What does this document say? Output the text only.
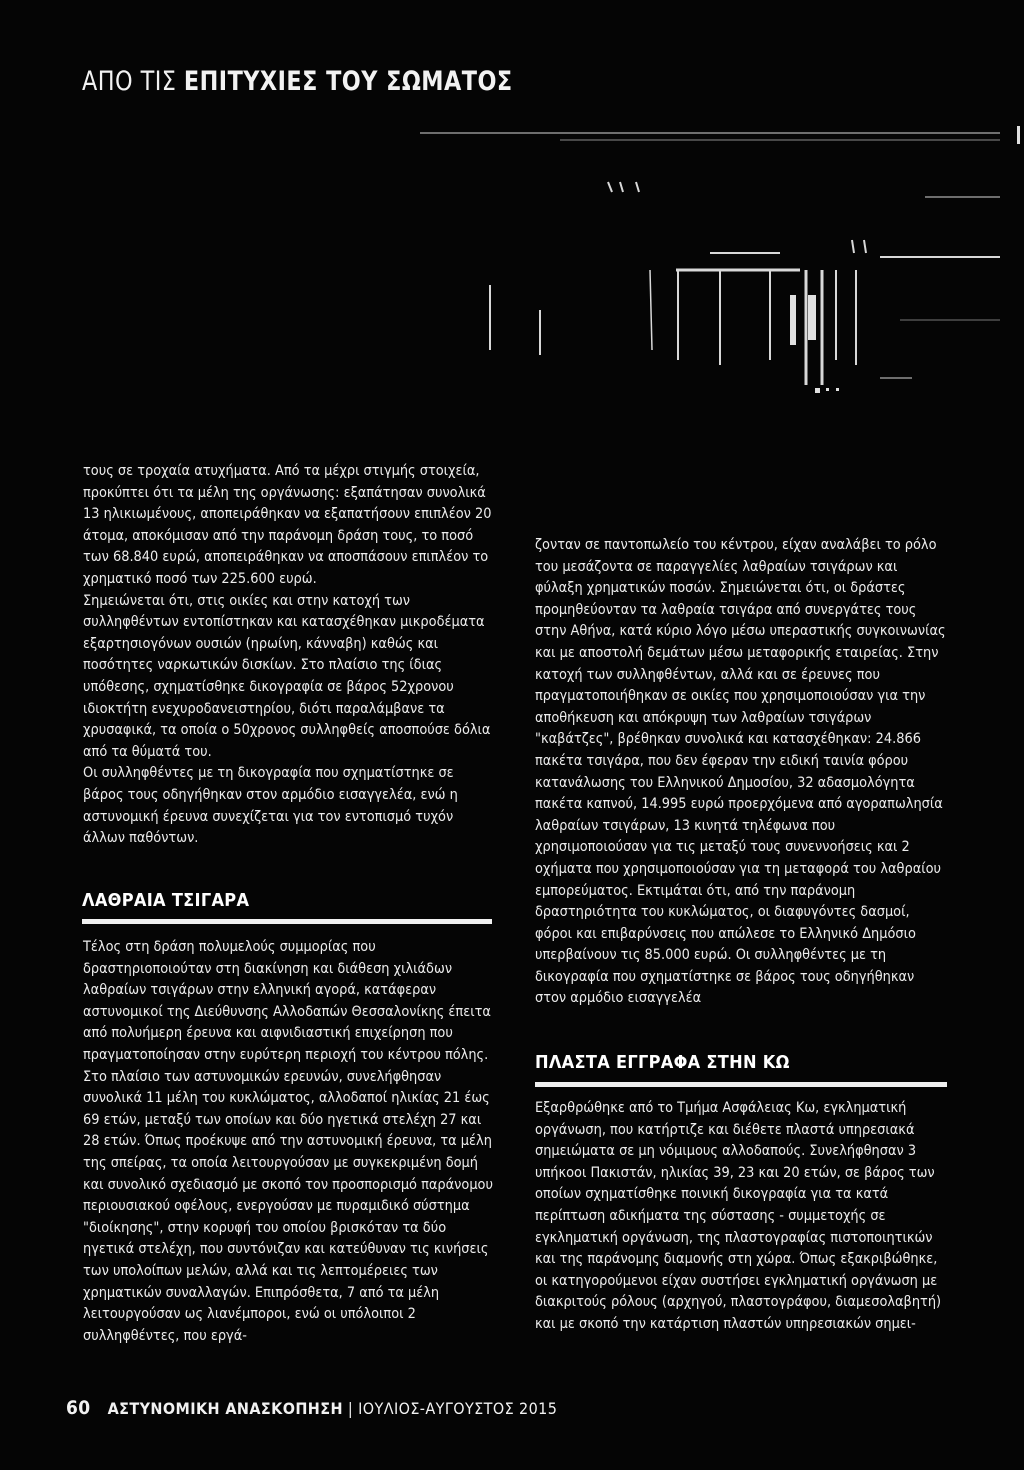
ΑΠΟ ΤΙΣ ΕΠΙΤΥΧΙΕΣ ΤΟΥ ΣΩΜΑΤΟΣ

τους σε τροχαία ατυχήματα. Από τα μέχρι στιγμής στοιχεία, προκύπτει ότι τα μέλη της οργάνωσης: εξαπάτησαν συνολικά 13 ηλικιωμένους, αποπειράθηκαν να εξαπατήσουν επιπλέον 20 άτομα, αποκόμισαν από την παράνομη δράση τους, το ποσό των 68.840 ευρώ, αποπειράθηκαν να αποσπάσουν επιπλέον το χρηματικό ποσό των 225.600 ευρώ.

Σημειώνεται ότι, στις οικίες και στην κατοχή των συλληφθέντων εντοπίστηκαν και κατασχέθηκαν μικροδέματα εξαρτησιογόνων ουσιών (ηρωίνη, κάνναβη) καθώς και ποσότητες ναρκωτικών δισκίων. Στο πλαίσιο της ίδιας υπόθεσης, σχηματίσθηκε δικογραφία σε βάρος 52χρονου ιδιοκτήτη ενεχυροδανειστηρίου, διότι παραλάμβανε τα χρυσαφικά, τα οποία ο 50χρονος συλληφθείς αποσπούσε δόλια από τα θύματά του.

Οι συλληφθέντες με τη δικογραφία που σχηματίστηκε σε βάρος τους οδηγήθηκαν στον αρμόδιο εισαγγελέα, ενώ η αστυνομική έρευνα συνεχίζεται για τον εντοπισμό τυχόν άλλων παθόντων.

ΛΑΘΡΑΙΑ ΤΣΙΓΑΡΑ

Τέλος στη δράση πολυμελούς συμμορίας που δραστηριοποιούταν στη διακίνηση και διάθεση χιλιάδων λαθραίων τσιγάρων στην ελληνική αγορά, κατάφεραν αστυνομικοί της Διεύθυνσης Αλλοδαπών Θεσσαλονίκης έπειτα από πολυήμερη έρευνα και αιφνιδιαστική επιχείρηση που πραγματοποίησαν στην ευρύτερη περιοχή του κέντρου πόλης. Στο πλαίσιο των αστυνομικών ερευνών, συνελήφθησαν συνολικά 11 μέλη του κυκλώματος, αλλοδαποί ηλικίας 21 έως 69 ετών, μεταξύ των οποίων και δύο ηγετικά στελέχη 27 και 28 ετών. Όπως προέκυψε από την αστυνομική έρευνα, τα μέλη της σπείρας, τα οποία λειτουργούσαν με συγκεκριμένη δομή και συνολικό σχεδιασμό με σκοπό τον προσπορισμό παράνομου περιουσιακού οφέλους, ενεργούσαν με πυραμιδικό σύστημα "διοίκησης", στην κορυφή του οποίου βρισκόταν τα δύο ηγετικά στελέχη, που συντόνιζαν και κατεύθυναν τις κινήσεις των υπολοίπων μελών, αλλά και τις λεπτομέρειες των χρηματικών συναλλαγών. Επιπρόσθετα, 7 από τα μέλη λειτουργούσαν ως λιανέμποροι, ενώ οι υπόλοιποι 2 συλληφθέντες, που εργά-

ζονταν σε παντοπωλείο του κέντρου, είχαν αναλάβει το ρόλο του μεσάζοντα σε παραγγελίες λαθραίων τσιγάρων και φύλαξη χρηματικών ποσών. Σημειώνεται ότι, οι δράστες προμηθεύονταν τα λαθραία τσιγάρα από συνεργάτες τους στην Αθήνα, κατά κύριο λόγο μέσω υπεραστικής συγκοινωνίας και με αποστολή δεμάτων μέσω μεταφορικής εταιρείας. Στην κατοχή των συλληφθέντων, αλλά και σε έρευνες που πραγματοποιήθηκαν σε οικίες που χρησιμοποιούσαν για την αποθήκευση και απόκρυψη των λαθραίων τσιγάρων "καβάτζες", βρέθηκαν συνολικά και κατασχέθηκαν: 24.866 πακέτα τσιγάρα, που δεν έφεραν την ειδική ταινία φόρου κατανάλωσης του Ελληνικού Δημοσίου, 32 αδασμολόγητα πακέτα καπνού, 14.995 ευρώ προερχόμενα από αγοραπωλησία λαθραίων τσιγάρων, 13 κινητά τηλέφωνα που χρησιμοποιούσαν για τις μεταξύ τους συνεννοήσεις και 2 οχήματα που χρησιμοποιούσαν για τη μεταφορά του λαθραίου εμπορεύματος. Εκτιμάται ότι, από την παράνομη δραστηριότητα του κυκλώματος, οι διαφυγόντες δασμοί, φόροι και επιβαρύνσεις που απώλεσε το Ελληνικό Δημόσιο υπερβαίνουν τις 85.000 ευρώ. Οι συλληφθέντες με τη δικογραφία που σχηματίστηκε σε βάρος τους οδηγήθηκαν στον αρμόδιο εισαγγελέα

ΠΛΑΣΤΑ ΕΓΓΡΑΦΑ ΣΤΗΝ ΚΩ

Εξαρθρώθηκε από το Τμήμα Ασφάλειας Κω, εγκληματική οργάνωση, που κατήρτιζε και διέθετε πλαστά υπηρεσιακά σημειώματα σε μη νόμιμους αλλοδαπούς. Συνελήφθησαν 3 υπήκοοι Πακιστάν, ηλικίας 39, 23 και 20 ετών, σε βάρος των οποίων σχηματίσθηκε ποινική δικογραφία για τα κατά περίπτωση αδικήματα της σύστασης - συμμετοχής σε εγκληματική οργάνωση, της πλαστογραφίας πιστοποιητικών και της παράνομης διαμονής στη χώρα. Όπως εξακριβώθηκε, οι κατηγορούμενοι είχαν συστήσει εγκληματική οργάνωση με διακριτούς ρόλους (αρχηγού, πλαστογράφου, διαμεσολαβητή) και με σκοπό την κατάρτιση πλαστών υπηρεσιακών σημει-

60 ΑΣΤΥΝΟΜΙΚΗ ΑΝΑΣΚΟΠΗΣΗ | ΙΟΥΛΙΟΣ-ΑΥΓΟΥΣΤΟΣ 2015
